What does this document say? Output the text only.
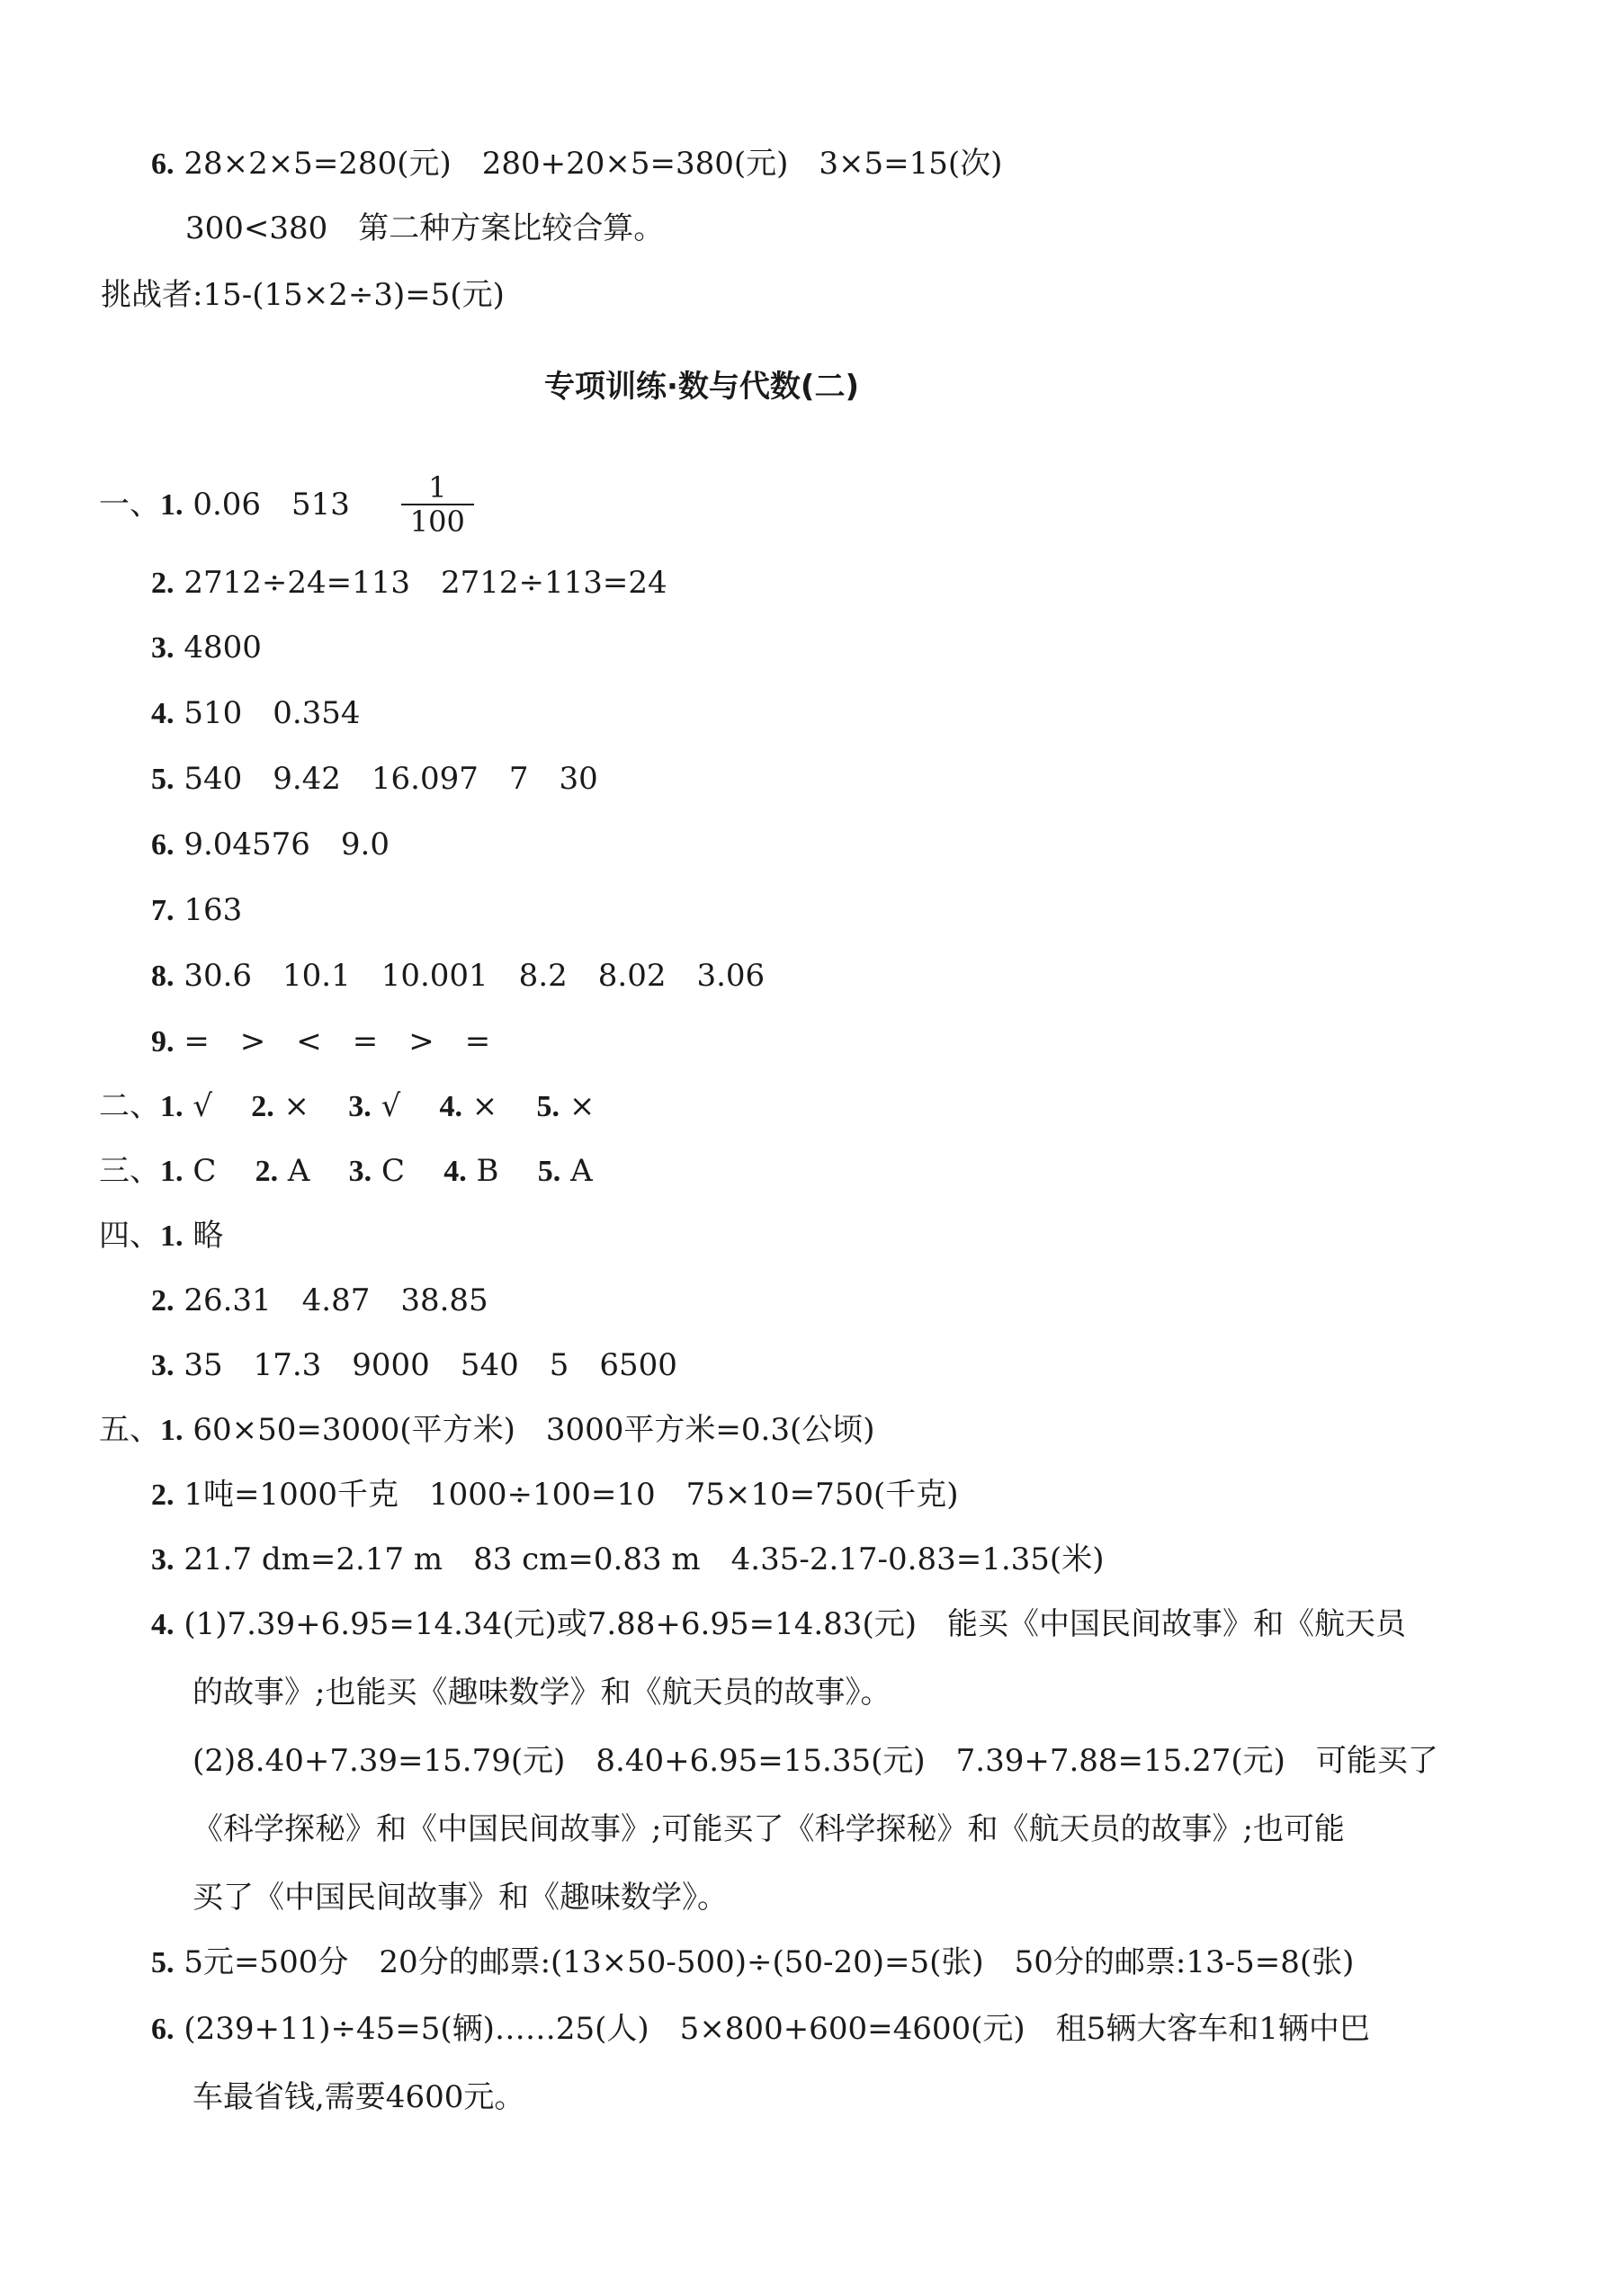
6. 28×2×5=280(元)　280+20×5=380(元)　3×5=15(次)
300<380　第二种方案比较合算。
挑战者:15-(15×2÷3)=5(元)
专项训练·数与代数(二)
一、1. 0.06　$513 \frac{1}{100}$
2. 2712÷24=113　2712÷113=24
3. 4800
4. 510　0.354
5. 540　9.42　16.097　7　30
6. 9.04576　9.0
7. 163
8. 30.6　10.1　10.001　8.2　8.02　3.06
9. =　>　<　=　>　=
二、1. √ 2. × 3. √ 4. × 5. ×
三、1. C 2. A 3. C 4. B 5. A
四、1. 略
2. 26.31　4.87　38.85
3. 35　17.3　9000　540　5　6500
五、1. 60×50=3000(平方米)　3000平方米=0.3(公顷)
2. 1吨=1000千克　1000÷100=10　75×10=750(千克)
3. 21.7 dm=2.17 m　83 cm=0.83 m　4.35-2.17-0.83=1.35(米)
4. (1)7.39+6.95=14.34(元)或7.88+6.95=14.83(元)　能买《中国民间故事》和《航天员
的故事》;也能买《趣味数学》和《航天员的故事》。
(2)8.40+7.39=15.79(元)　8.40+6.95=15.35(元)　7.39+7.88=15.27(元)　可能买了
《科学探秘》和《中国民间故事》;可能买了《科学探秘》和《航天员的故事》;也可能
买了《中国民间故事》和《趣味数学》。
5. 5元=500分　20分的邮票:(13×50-500)÷(50-20)=5(张)　50分的邮票:13-5=8(张)
6. (239+11)÷45=5(辆)……25(人)　5×800+600=4600(元)　租5辆大客车和1辆中巴
车最省钱,需要4600元。
